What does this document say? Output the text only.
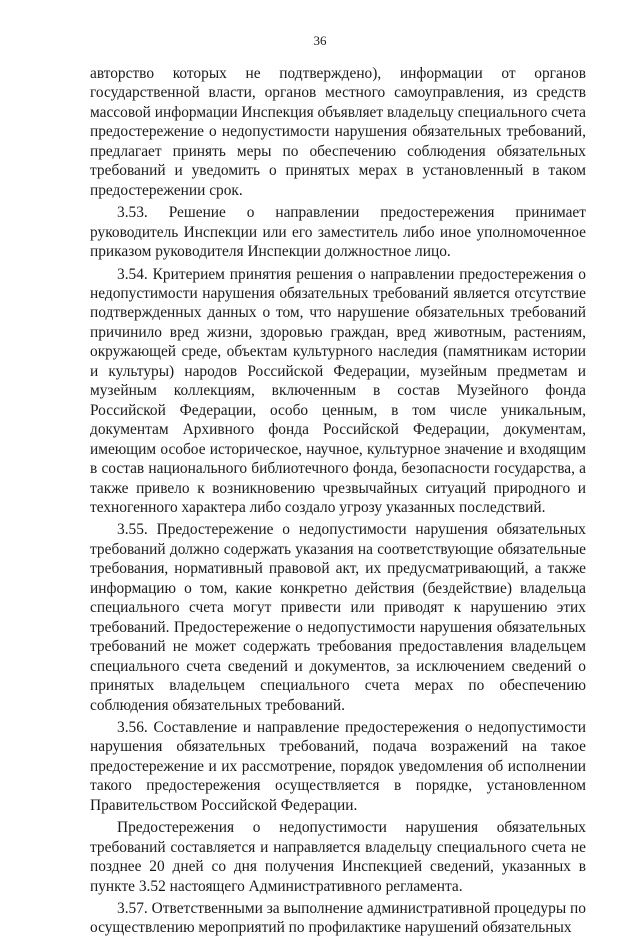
36

авторство которых не подтверждено), информации от органов государственной власти, органов местного самоуправления, из средств массовой информации Инспекция объявляет владельцу специального счета предостережение о недопустимости нарушения обязательных требований, предлагает принять меры по обеспечению соблюдения обязательных требований и уведомить о принятых мерах в установленный в таком предостережении срок.

3.53. Решение о направлении предостережения принимает руководитель Инспекции или его заместитель либо иное уполномоченное приказом руководителя Инспекции должностное лицо.

3.54. Критерием принятия решения о направлении предостережения о недопустимости нарушения обязательных требований является отсутствие подтвержденных данных о том, что нарушение обязательных требований причинило вред жизни, здоровью граждан, вред животным, растениям, окружающей среде, объектам культурного наследия (памятникам истории и культуры) народов Российской Федерации, музейным предметам и музейным коллекциям, включенным в состав Музейного фонда Российской Федерации, особо ценным, в том числе уникальным, документам Архивного фонда Российской Федерации, документам, имеющим особое историческое, научное, культурное значение и входящим в состав национального библиотечного фонда, безопасности государства, а также привело к возникновению чрезвычайных ситуаций природного и техногенного характера либо создало угрозу указанных последствий.

3.55. Предостережение о недопустимости нарушения обязательных требований должно содержать указания на соответствующие обязательные требования, нормативный правовой акт, их предусматривающий, а также информацию о том, какие конкретно действия (бездействие) владельца специального счета могут привести или приводят к нарушению этих требований. Предостережение о недопустимости нарушения обязательных требований не может содержать требования предоставления владельцем специального счета сведений и документов, за исключением сведений о принятых владельцем специального счета мерах по обеспечению соблюдения обязательных требований.

3.56. Составление и направление предостережения о недопустимости нарушения обязательных требований, подача возражений на такое предостережение и их рассмотрение, порядок уведомления об исполнении такого предостережения осуществляется в порядке, установленном Правительством Российской Федерации.

Предостережения о недопустимости нарушения обязательных требований составляется и направляется владельцу специального счета не позднее 20 дней со дня получения Инспекцией сведений, указанных в пункте 3.52 настоящего Административного регламента.

3.57. Ответственными за выполнение административной процедуры по осуществлению мероприятий по профилактике нарушений обязательных
